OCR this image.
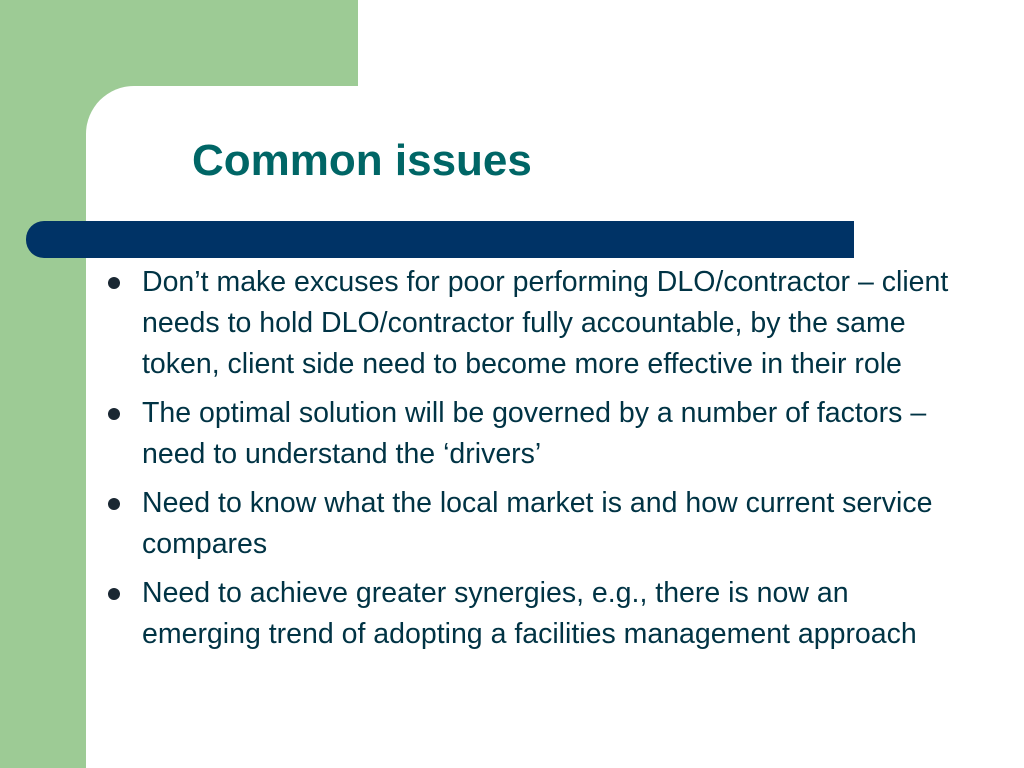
Common issues
Don’t make excuses for poor performing DLO/contractor – client needs to hold DLO/contractor fully accountable, by the same token, client side need to become more effective in their role
The optimal solution will be governed by a number of factors – need to understand the ‘drivers’
Need to know what the local market is and how current service compares
Need to achieve greater synergies, e.g., there is now an emerging trend of adopting a facilities management approach
